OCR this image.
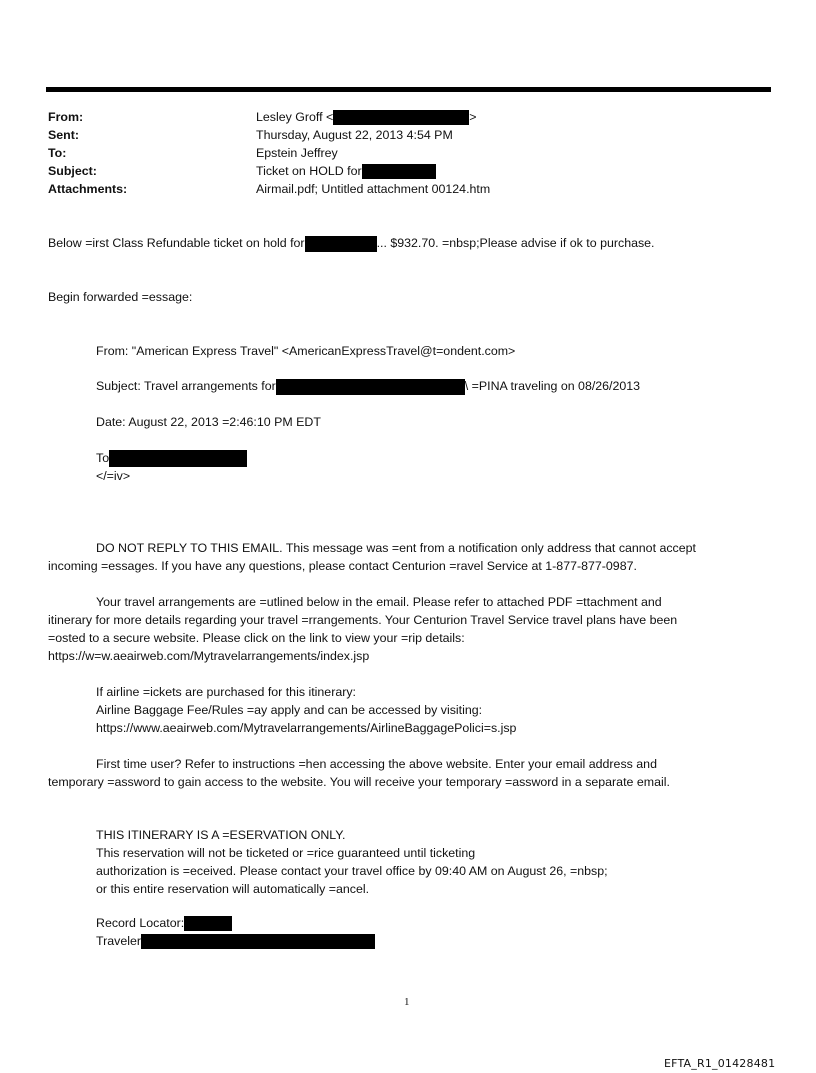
From:	Lesley Groff <	>
Sent:	Thursday, August 22, 2013 4:54 PM
To:	Epstein Jeffrey
Subject:	Ticket on HOLD for
Attachments:	Airmail.pdf; Untitled attachment 00124.htm
Below =irst Class Refundable ticket on hold for	... $932.70. =nbsp;Please advise if ok to purchase.
Begin forwarded =essage:
From: "American Express Travel" <AmericanExpressTravel@t=ondent.com>
Subject: Travel arrangements for	\ =PINA traveling on 08/26/2013
Date: August 22, 2013 =2:46:10 PM EDT
To
</=iv>
DO NOT REPLY TO THIS EMAIL. This message was =ent from a notification only address that cannot accept
incoming =essages. If you have any questions, please contact Centurion =ravel Service at 1-877-877-0987.
Your travel arrangements are =utlined below in the email. Please refer to attached PDF =ttachment and
itinerary for more details regarding your travel =rrangements. Your Centurion Travel Service travel plans have been
=osted to a secure website. Please click on the link to view your =rip details:
https://w=w.aeairweb.com/Mytravelarrangements/index.jsp
If airline =ickets are purchased for this itinerary:
Airline Baggage Fee/Rules =ay apply and can be accessed by visiting:
https://www.aeairweb.com/Mytravelarrangements/AirlineBaggagePolici=s.jsp
First time user? Refer to instructions =hen accessing the above website. Enter your email address and
temporary =assword to gain access to the website. You will receive your temporary =assword in a separate email.
THIS ITINERARY IS A =ESERVATION ONLY.
This reservation will not be ticketed or =rice guaranteed until ticketing
authorization is =eceived. Please contact your travel office by 09:40 AM on August 26, =nbsp;
or this entire reservation will automatically =ancel.
Record Locator:
Traveler
1
EFTA_R1_01428481
